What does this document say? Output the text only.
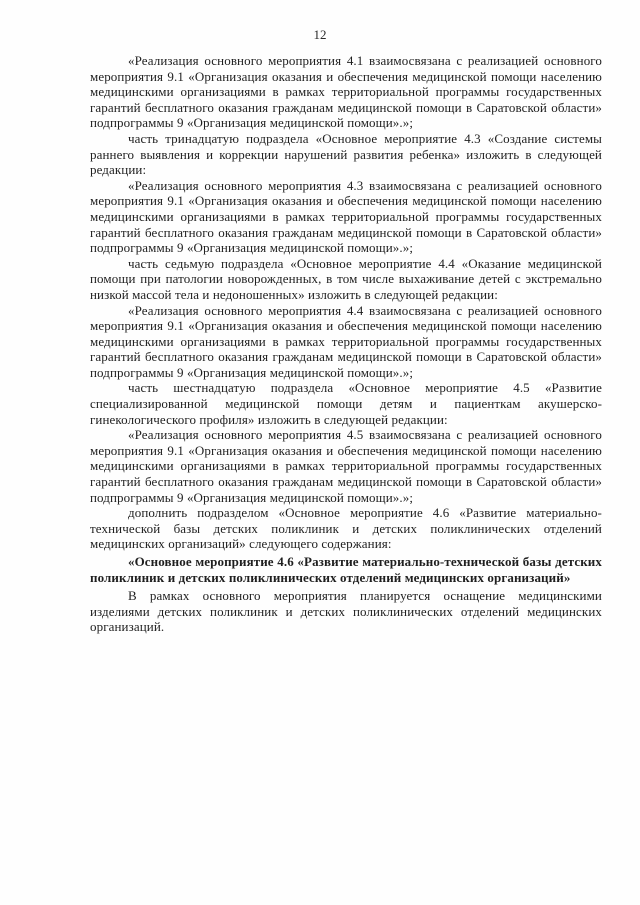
12

«Реализация основного мероприятия 4.1 взаимосвязана с реализацией основного мероприятия 9.1 «Организация оказания и обеспечения медицинской помощи населению медицинскими организациями в рамках территориальной программы государственных гарантий бесплатного оказания гражданам медицинской помощи в Саратовской области» подпрограммы 9 «Организация медицинской помощи».»;

часть тринадцатую подраздела «Основное мероприятие 4.3 «Создание системы раннего выявления и коррекции нарушений развития ребенка» изложить в следующей редакции:

«Реализация основного мероприятия 4.3 взаимосвязана с реализацией основного мероприятия 9.1 «Организация оказания и обеспечения медицинской помощи населению медицинскими организациями в рамках территориальной программы государственных гарантий бесплатного оказания гражданам медицинской помощи в Саратовской области» подпрограммы 9 «Организация медицинской помощи».»;

часть седьмую подраздела «Основное мероприятие 4.4 «Оказание медицинской помощи при патологии новорожденных, в том числе выхаживание детей с экстремально низкой массой тела и недоношенных» изложить в следующей редакции:

«Реализация основного мероприятия 4.4 взаимосвязана с реализацией основного мероприятия 9.1 «Организация оказания и обеспечения медицинской помощи населению медицинскими организациями в рамках территориальной программы государственных гарантий бесплатного оказания гражданам медицинской помощи в Саратовской области» подпрограммы 9 «Организация медицинской помощи».»;

часть шестнадцатую подраздела «Основное мероприятие 4.5 «Развитие специализированной медицинской помощи детям и пациенткам акушерско-гинекологического профиля» изложить в следующей редакции:

«Реализация основного мероприятия 4.5 взаимосвязана с реализацией основного мероприятия 9.1 «Организация оказания и обеспечения медицинской помощи населению медицинскими организациями в рамках территориальной программы государственных гарантий бесплатного оказания гражданам медицинской помощи в Саратовской области» подпрограммы 9 «Организация медицинской помощи».»;

дополнить подразделом «Основное мероприятие 4.6 «Развитие материально-технической базы детских поликлиник и детских поликлинических отделений медицинских организаций» следующего содержания:

«Основное мероприятие 4.6 «Развитие материально-технической базы детских поликлиник и детских поликлинических отделений медицинских организаций»

В рамках основного мероприятия планируется оснащение медицинскими изделиями детских поликлиник и детских поликлинических отделений медицинских организаций.
